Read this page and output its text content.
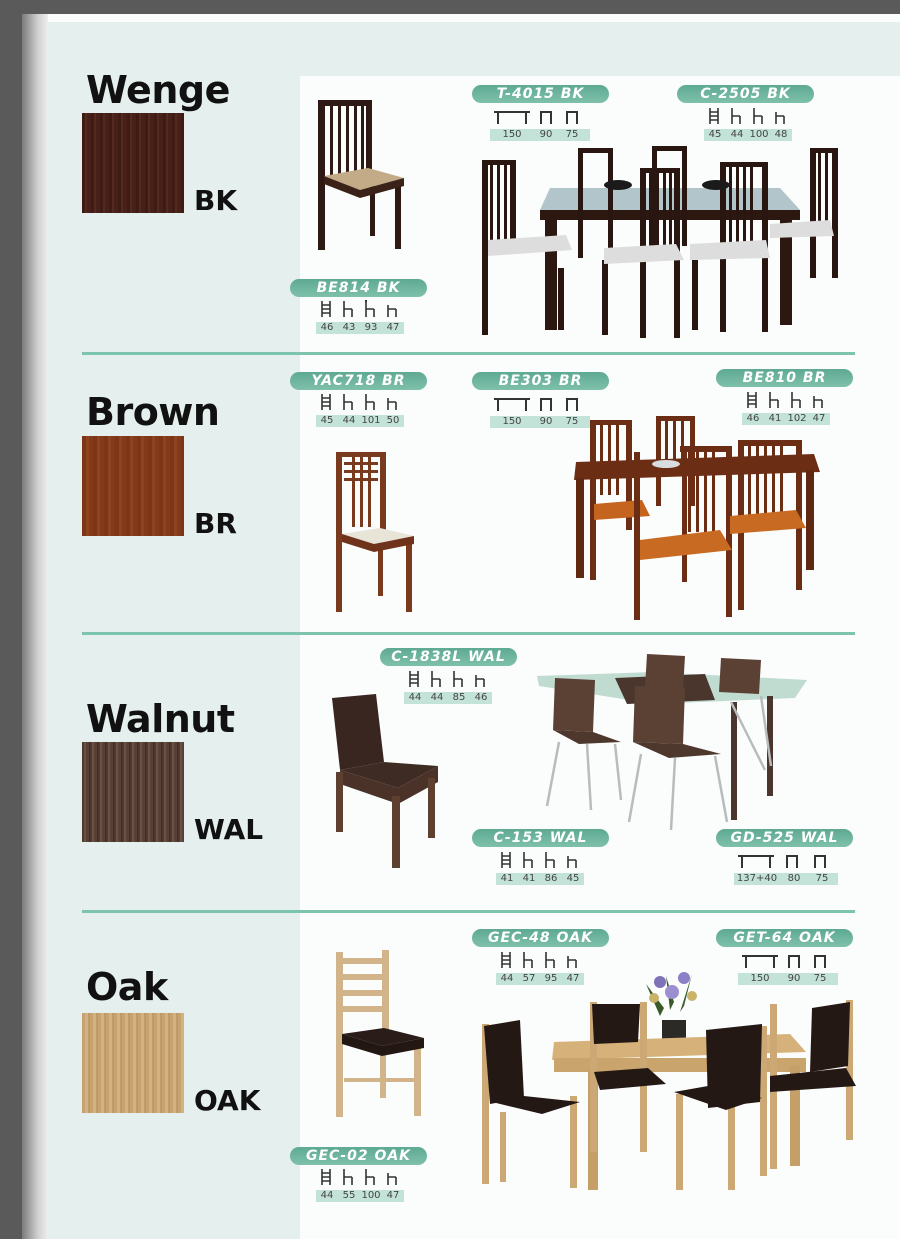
Wenge
BK
Brown
BR
Walnut
WAL
Oak
OAK
BE814 BK
T-4015 BK	C-2505 BK
YAC718 BR	BE303 BR	BE810 BR
C-1838L WAL
C-153 WAL	GD-525 WAL
GEC-48 OAK	GET-64 OAK
GEC-02 OAK
46 43 93 47
150	90	75	45 44 100 48
45 44 101 50	150	90	75	46 41 102 47
44 44 85 46
41 41 86 45	137+40	80	75
44 57 95 47	150	90	75
44 55 100 47
